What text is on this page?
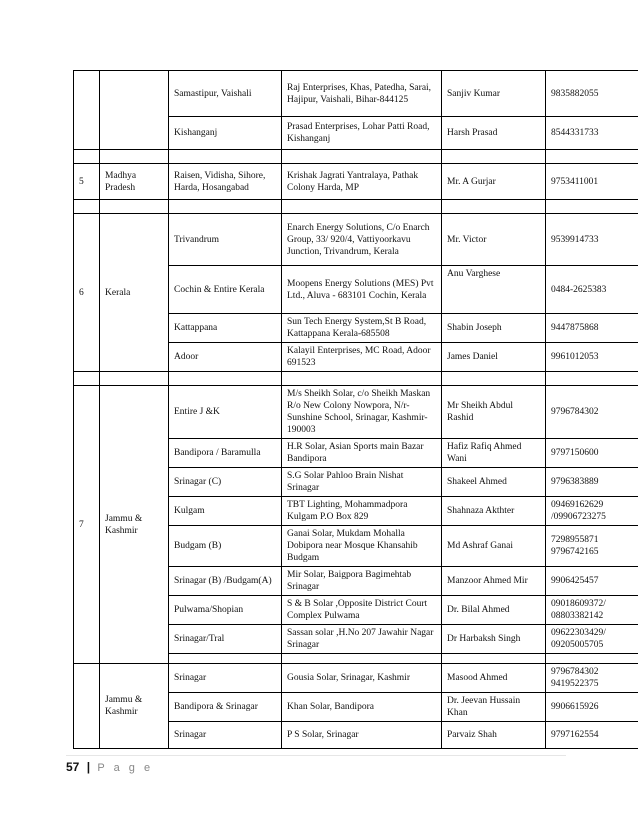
		Samastipur, Vaishali	Raj Enterprises, Khas, Patedha, Sarai, Hajipur, Vaishali, Bihar-844125	Sanjiv Kumar	9835882055
		Kishanganj	Prasad Enterprises, Lohar Patti Road, Kishanganj	Harsh Prasad	8544331733

5	Madhya Pradesh	Raisen, Vidisha, Sihore, Harda, Hosangabad	Krishak Jagrati Yantralaya, Pathak Colony Harda, MP	Mr. A Gurjar	9753411001

6	Kerala	Trivandrum	Enarch Energy Solutions, C/o Enarch Group, 33/ 920/4, Vattiyoorkavu Junction, Trivandrum, Kerala	Mr. Victor	9539914733
		Cochin & Entire Kerala	Moopens Energy Solutions (MES) Pvt Ltd., Aluva - 683101 Cochin, Kerala	Anu Varghese	0484-2625383
		Kattappana	Sun Tech Energy System,St B Road, Kattappana Kerala-685508	Shabin Joseph	9447875868
		Adoor	Kalayil Enterprises, MC Road, Adoor 691523	James Daniel	9961012053

7	Jammu & Kashmir	Entire J &K	M/s Sheikh Solar, c/o Sheikh Maskan R/o New Colony Nowpora, N/r-Sunshine School, Srinagar, Kashmir-190003	Mr Sheikh Abdul Rashid	9796784302
		Bandipora / Baramulla	H.R Solar, Asian Sports main Bazar Bandipora	Hafiz Rafiq Ahmed Wani	9797150600
		Srinagar (C)	S.G Solar Pahloo Brain Nishat Srinagar	Shakeel Ahmed	9796383889
		Kulgam	TBT Lighting, Mohammadpora Kulgam P.O Box 829	Shahnaza Akthter	09469162629 /09906723275
		Budgam (B)	Ganai Solar, Mukdam Mohalla Dobipora near Mosque Khansahib Budgam	Md Ashraf Ganai	7298955871 9796742165
		Srinagar (B) /Budgam(A)	Mir Solar, Baigpora Bagimehtab Srinagar	Manzoor Ahmed Mir	9906425457
		Pulwama/Shopian	S & B Solar ,Opposite District Court Complex Pulwama	Dr. Bilal Ahmed	09018609372/ 08803382142
		Srinagar/Tral	Sassan solar ,H.No 207 Jawahir Nagar Srinagar	Dr Harbaksh Singh	09622303429/ 09205005705

	Jammu & Kashmir	Srinagar	Gousia Solar, Srinagar, Kashmir	Masood Ahmed	9796784302 9419522375
		Bandipora & Srinagar	Khan Solar, Bandipora	Dr. Jeevan Hussain Khan	9906615926
		Srinagar	P S Solar, Srinagar	Parvaiz Shah	9797162554
57 | P a g e
